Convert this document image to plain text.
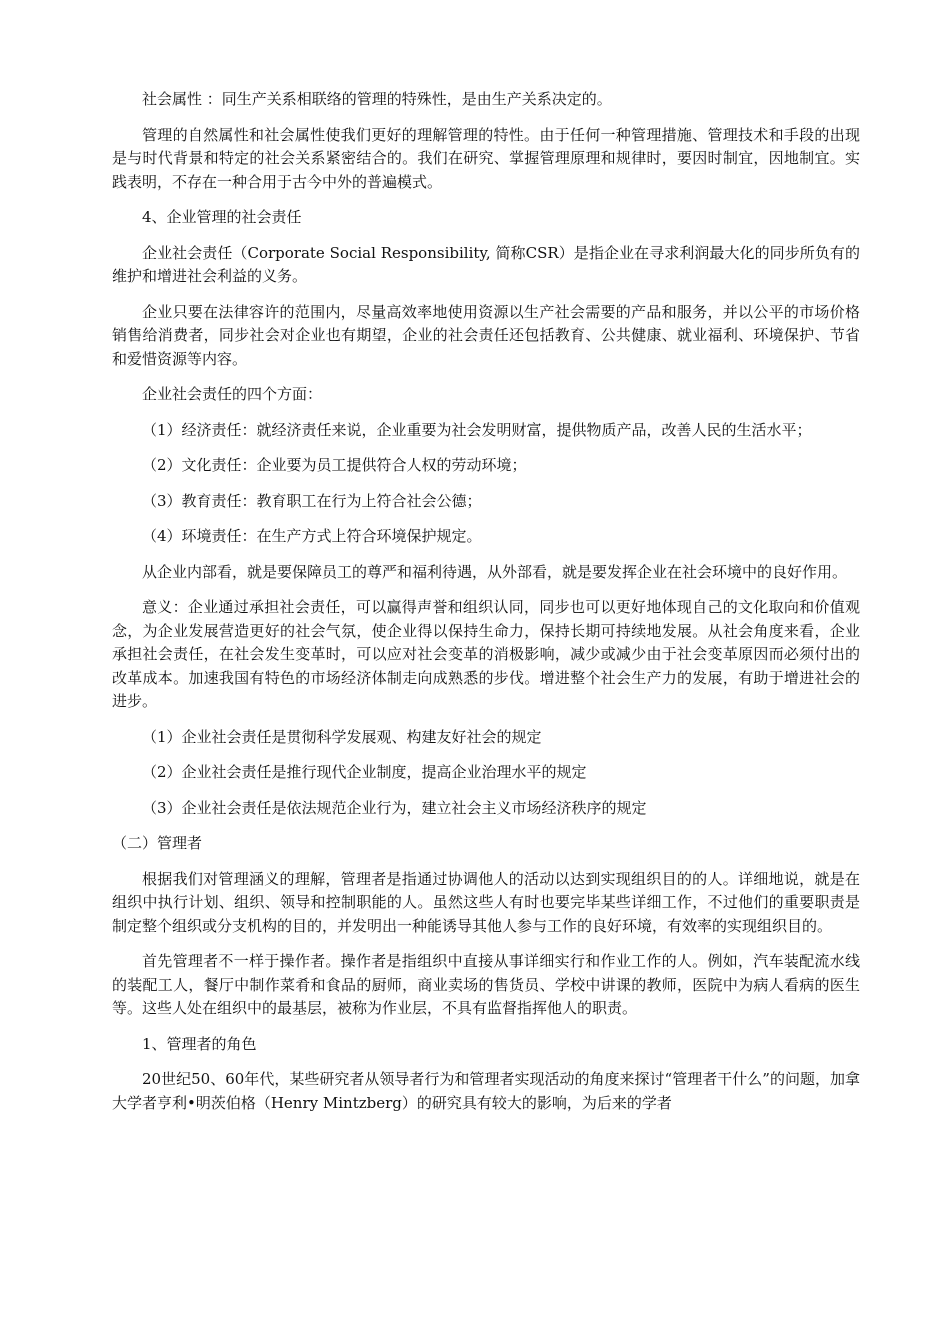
社会属性 ：同生产关系相联络的管理的特殊性，是由生产关系决定的。

管理的自然属性和社会属性使我们更好的理解管理的特性。由于任何一种管理措施、管理技术和手段的出现是与时代背景和特定的社会关系紧密结合的。我们在研究、掌握管理原理和规律时，要因时制宜，因地制宜。实践表明，不存在一种合用于古今中外的普遍模式。

4、企业管理的社会责任

企业社会责任（Corporate Social Responsibility, 简称CSR）是指企业在寻求利润最大化的同步所负有的维护和增进社会利益的义务。

企业只要在法律容许的范围内，尽量高效率地使用资源以生产社会需要的产品和服务，并以公平的市场价格销售给消费者，同步社会对企业也有期望，企业的社会责任还包括教育、公共健康、就业福利、环境保护、节省和爱惜资源等内容。

企业社会责任的四个方面：

（1）经济责任：就经济责任来说，企业重要为社会发明财富，提供物质产品，改善人民的生活水平；

（2）文化责任：企业要为员工提供符合人权的劳动环境；

（3）教育责任：教育职工在行为上符合社会公德；

（4）环境责任：在生产方式上符合环境保护规定。

从企业内部看，就是要保障员工的尊严和福利待遇，从外部看，就是要发挥企业在社会环境中的良好作用。

意义：企业通过承担社会责任，可以赢得声誉和组织认同，同步也可以更好地体现自己的文化取向和价值观念，为企业发展营造更好的社会气氛，使企业得以保持生命力，保持长期可持续地发展。从社会角度来看，企业承担社会责任，在社会发生变革时，可以应对社会变革的消极影响，减少或减少由于社会变革原因而必须付出的改革成本。加速我国有特色的市场经济体制走向成熟悉的步伐。增进整个社会生产力的发展，有助于增进社会的进步。

（1）企业社会责任是贯彻科学发展观、构建友好社会的规定

（2）企业社会责任是推行现代企业制度，提高企业治理水平的规定

（3）企业社会责任是依法规范企业行为，建立社会主义市场经济秩序的规定

（二）管理者

根据我们对管理涵义的理解，管理者是指通过协调他人的活动以达到实现组织目的的人。详细地说，就是在组织中执行计划、组织、领导和控制职能的人。虽然这些人有时也要完毕某些详细工作，不过他们的重要职责是制定整个组织或分支机构的目的，并发明出一种能诱导其他人参与工作的良好环境，有效率的实现组织目的。

首先管理者不一样于操作者。操作者是指组织中直接从事详细实行和作业工作的人。例如，汽车装配流水线的装配工人，餐厅中制作菜肴和食品的厨师，商业卖场的售货员、学校中讲课的教师，医院中为病人看病的医生等。这些人处在组织中的最基层，被称为作业层，不具有监督指挥他人的职责。

1、管理者的角色

20世纪50、60年代，某些研究者从领导者行为和管理者实现活动的角度来探讨“管理者干什么”的问题，加拿大学者亨利•明茨伯格（Henry Mintzberg）的研究具有较大的影响，为后来的学者
